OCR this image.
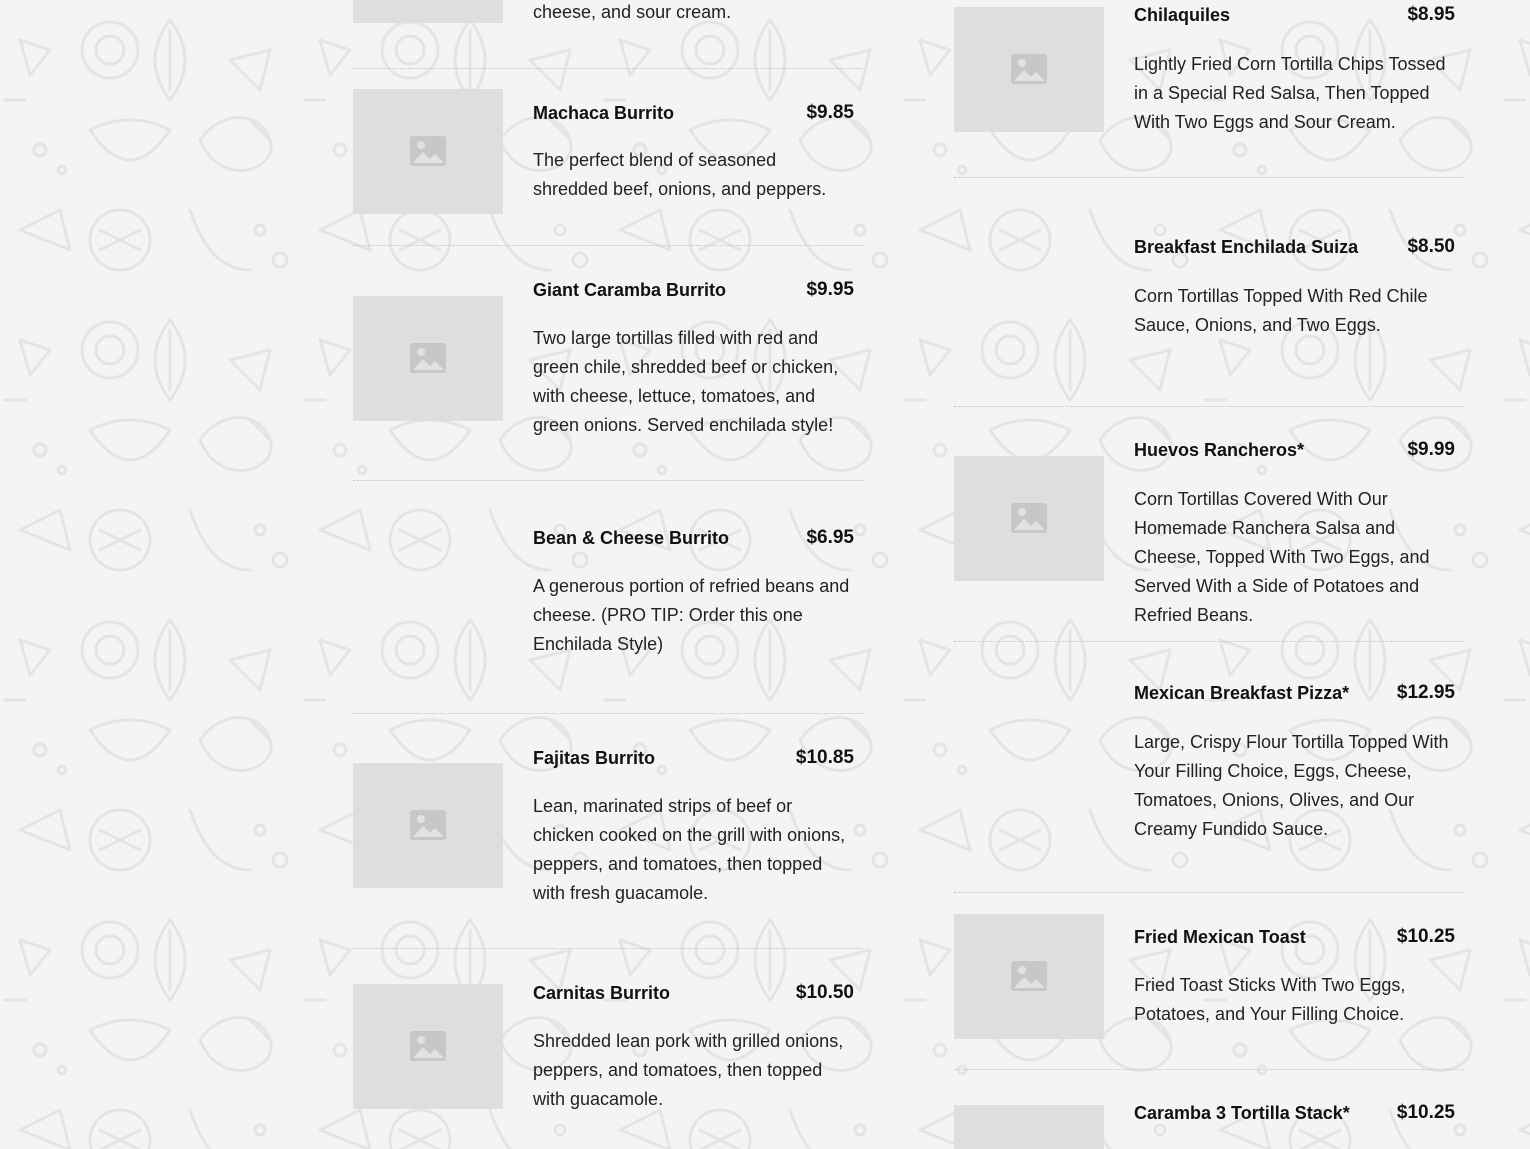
cheese, and sour cream.
Machaca Burrito	$9.85
The perfect blend of seasoned shredded beef, onions, and peppers.
Giant Caramba Burrito	$9.95
Two large tortillas filled with red and green chile, shredded beef or chicken, with cheese, lettuce, tomatoes, and green onions. Served enchilada style!
Bean & Cheese Burrito	$6.95
A generous portion of refried beans and cheese. (PRO TIP: Order this one Enchilada Style)
Fajitas Burrito	$10.85
Lean, marinated strips of beef or chicken cooked on the grill with onions, peppers, and tomatoes, then topped with fresh guacamole.
Carnitas Burrito	$10.50
Shredded lean pork with grilled onions, peppers, and tomatoes, then topped with guacamole.
Chilaquiles	$8.95
Lightly Fried Corn Tortilla Chips Tossed in a Special Red Salsa, Then Topped With Two Eggs and Sour Cream.
Breakfast Enchilada Suiza	$8.50
Corn Tortillas Topped With Red Chile Sauce, Onions, and Two Eggs.
Huevos Rancheros*	$9.99
Corn Tortillas Covered With Our Homemade Ranchera Salsa and Cheese, Topped With Two Eggs, and Served With a Side of Potatoes and Refried Beans.
Mexican Breakfast Pizza*	$12.95
Large, Crispy Flour Tortilla Topped With Your Filling Choice, Eggs, Cheese, Tomatoes, Onions, Olives, and Our Creamy Fundido Sauce.
Fried Mexican Toast	$10.25
Fried Toast Sticks With Two Eggs, Potatoes, and Your Filling Choice.
Caramba 3 Tortilla Stack* $10.25
